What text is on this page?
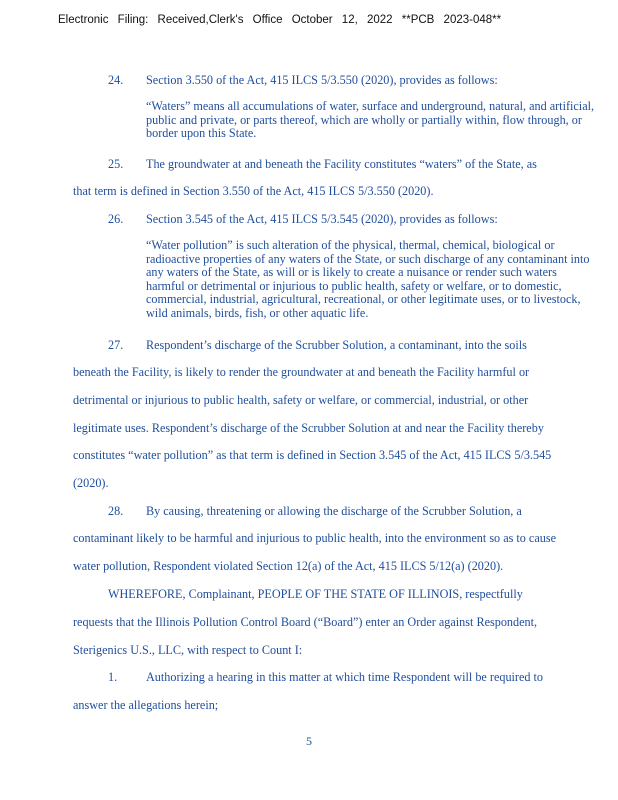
Electronic Filing: Received,Clerk's Office October 12, 2022 **PCB 2023-048**
24. Section 3.550 of the Act, 415 ILCS 5/3.550 (2020), provides as follows:
“Waters” means all accumulations of water, surface and underground, natural, and artificial, public and private, or parts thereof, which are wholly or partially within, flow through, or border upon this State.
25. The groundwater at and beneath the Facility constitutes “waters” of the State, as
that term is defined in Section 3.550 of the Act, 415 ILCS 5/3.550 (2020).
26. Section 3.545 of the Act, 415 ILCS 5/3.545 (2020), provides as follows:
“Water pollution” is such alteration of the physical, thermal, chemical, biological or radioactive properties of any waters of the State, or such discharge of any contaminant into any waters of the State, as will or is likely to create a nuisance or render such waters harmful or detrimental or injurious to public health, safety or welfare, or to domestic, commercial, industrial, agricultural, recreational, or other legitimate uses, or to livestock, wild animals, birds, fish, or other aquatic life.
27. Respondent’s discharge of the Scrubber Solution, a contaminant, into the soils
beneath the Facility, is likely to render the groundwater at and beneath the Facility harmful or
detrimental or injurious to public health, safety or welfare, or commercial, industrial, or other
legitimate uses. Respondent’s discharge of the Scrubber Solution at and near the Facility thereby
constitutes “water pollution” as that term is defined in Section 3.545 of the Act, 415 ILCS 5/3.545
(2020).
28. By causing, threatening or allowing the discharge of the Scrubber Solution, a
contaminant likely to be harmful and injurious to public health, into the environment so as to cause
water pollution, Respondent violated Section 12(a) of the Act, 415 ILCS 5/12(a) (2020).
WHEREFORE, Complainant, PEOPLE OF THE STATE OF ILLINOIS, respectfully
requests that the Illinois Pollution Control Board (“Board”) enter an Order against Respondent,
Sterigenics U.S., LLC, with respect to Count I:
1. Authorizing a hearing in this matter at which time Respondent will be required to
answer the allegations herein;
5
